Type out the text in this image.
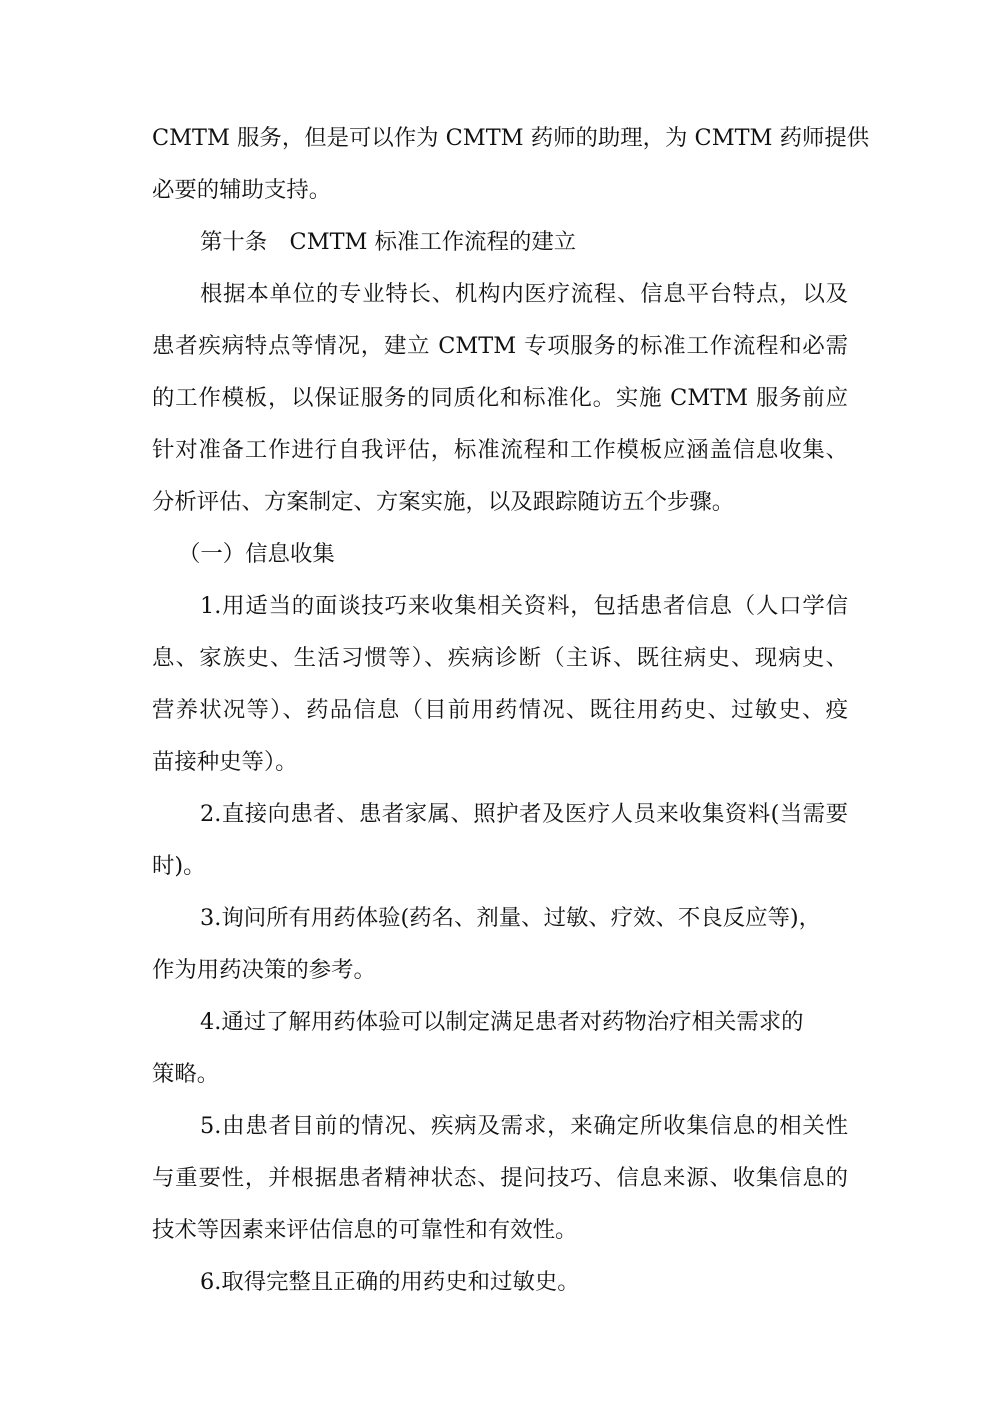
CMTM 服务，但是可以作为 CMTM 药师的助理，为 CMTM 药师提供
必要的辅助支持。
第十条　CMTM 标准工作流程的建立
根据本单位的专业特长、机构内医疗流程、信息平台特点，以及
患者疾病特点等情况，建立 CMTM 专项服务的标准工作流程和必需
的工作模板，以保证服务的同质化和标准化。实施 CMTM 服务前应
针对准备工作进行自我评估，标准流程和工作模板应涵盖信息收集、
分析评估、方案制定、方案实施，以及跟踪随访五个步骤。
（一）信息收集
1.用适当的面谈技巧来收集相关资料，包括患者信息（人口学信
息、家族史、生活习惯等）、疾病诊断（主诉、既往病史、现病史、
营养状况等）、药品信息（目前用药情况、既往用药史、过敏史、疫
苗接种史等）。
2.直接向患者、患者家属、照护者及医疗人员来收集资料(当需要
时)。
3.询问所有用药体验(药名、剂量、过敏、疗效、不良反应等)，
作为用药决策的参考。
4.通过了解用药体验可以制定满足患者对药物治疗相关需求的
策略。
5.由患者目前的情况、疾病及需求，来确定所收集信息的相关性
与重要性，并根据患者精神状态、提问技巧、信息来源、收集信息的
技术等因素来评估信息的可靠性和有效性。
6.取得完整且正确的用药史和过敏史。
